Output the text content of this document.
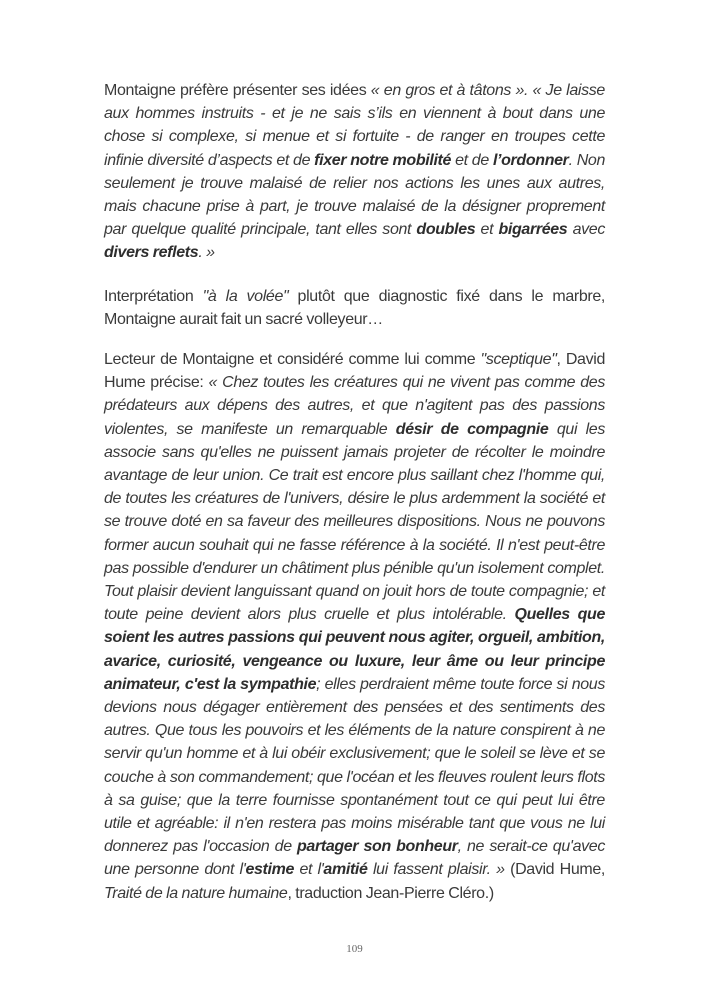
Montaigne préfère présenter ses idées « en gros et à tâtons ». « Je laisse aux hommes instruits - et je ne sais s’ils en viennent à bout dans une chose si complexe, si menue et si fortuite - de ranger en troupes cette infinie diversité d’aspects et de fixer notre mobilité et de l’ordonner. Non seulement je trouve malaisé de relier nos actions les unes aux autres, mais chacune prise à part, je trouve malaisé de la désigner proprement par quelque qualité principale, tant elles sont doubles et bigarrées avec divers reflets. »

Interprétation "à la volée" plutôt que diagnostic fixé dans le marbre, Montaigne aurait fait un sacré volleyeur…

Lecteur de Montaigne et considéré comme lui comme "sceptique", David Hume précise: « Chez toutes les créatures qui ne vivent pas comme des prédateurs aux dépens des autres, et que n'agitent pas des passions violentes, se manifeste un remarquable désir de compagnie qui les associe sans qu'elles ne puissent jamais projeter de récolter le moindre avantage de leur union. Ce trait est encore plus saillant chez l'homme qui, de toutes les créatures de l'univers, désire le plus ardemment la société et se trouve doté en sa faveur des meilleures dispositions. Nous ne pouvons former aucun souhait qui ne fasse référence à la société. Il n'est peut-être pas possible d'endurer un châtiment plus pénible qu'un isolement complet. Tout plaisir devient languissant quand on jouit hors de toute compagnie; et toute peine devient alors plus cruelle et plus intolérable. Quelles que soient les autres passions qui peuvent nous agiter, orgueil, ambition, avarice, curiosité, vengeance ou luxure, leur âme ou leur principe animateur, c'est la sympathie; elles perdraient même toute force si nous devions nous dégager entièrement des pensées et des sentiments des autres. Que tous les pouvoirs et les éléments de la nature conspirent à ne servir qu'un homme et à lui obéir exclusivement; que le soleil se lève et se couche à son commandement; que l'océan et les fleuves roulent leurs flots à sa guise; que la terre fournisse spontanément tout ce qui peut lui être utile et agréable: il n'en restera pas moins misérable tant que vous ne lui donnerez pas l'occasion de partager son bonheur, ne serait-ce qu'avec une personne dont l'estime et l'amitié lui fassent plaisir. » (David Hume, Traité de la nature humaine, traduction Jean-Pierre Cléro.)

109
